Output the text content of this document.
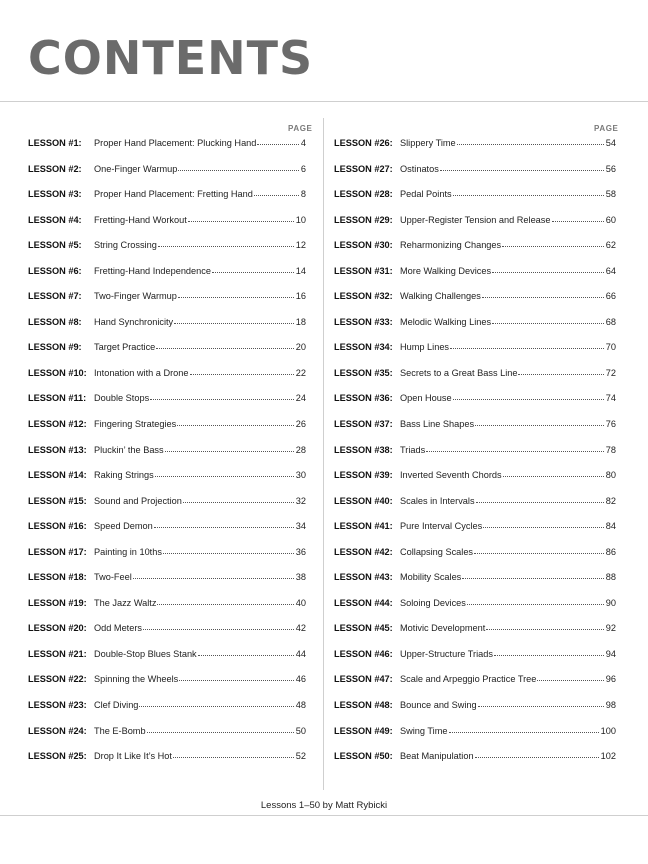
CONTENTS
PAGE	PAGE
LESSON #1:	Proper Hand Placement: Plucking Hand	4
LESSON #2:	One-Finger Warmup	6
LESSON #3:	Proper Hand Placement: Fretting Hand	8
LESSON #4:	Fretting-Hand Workout	10
LESSON #5:	String Crossing	12
LESSON #6:	Fretting-Hand Independence	14
LESSON #7:	Two-Finger Warmup	16
LESSON #8:	Hand Synchronicity	18
LESSON #9:	Target Practice	20
LESSON #10: Intonation with a Drone	22
LESSON #11: Double Stops	24
LESSON #12: Fingering Strategies	26
LESSON #13: Pluckin’ the Bass	28
LESSON #14: Raking Strings	30
LESSON #15: Sound and Projection	32
LESSON #16: Speed Demon	34
LESSON #17: Painting in 10ths	36
LESSON #18: Two-Feel	38
LESSON #19: The Jazz Waltz	40
LESSON #20: Odd Meters	42
LESSON #21: Double-Stop Blues Stank	44
LESSON #22: Spinning the Wheels	46
LESSON #23: Clef Diving	48
LESSON #24: The E-Bomb	50
LESSON #25: Drop It Like It’s Hot	52
LESSON #26: Slippery Time	54
LESSON #27: Ostinatos	56
LESSON #28: Pedal Points	58
LESSON #29: Upper-Register Tension and Release	60
LESSON #30: Reharmonizing Changes	62
LESSON #31: More Walking Devices	64
LESSON #32: Walking Challenges	66
LESSON #33: Melodic Walking Lines	68
LESSON #34: Hump Lines	70
LESSON #35: Secrets to a Great Bass Line	72
LESSON #36: Open House	74
LESSON #37: Bass Line Shapes	76
LESSON #38: Triads	78
LESSON #39: Inverted Seventh Chords	80
LESSON #40: Scales in Intervals	82
LESSON #41: Pure Interval Cycles	84
LESSON #42: Collapsing Scales	86
LESSON #43: Mobility Scales	88
LESSON #44: Soloing Devices	90
LESSON #45: Motivic Development	92
LESSON #46: Upper-Structure Triads	94
LESSON #47: Scale and Arpeggio Practice Tree	96
LESSON #48: Bounce and Swing	98
LESSON #49: Swing Time	100
LESSON #50: Beat Manipulation	102
Lessons 1–50 by Matt Rybicki
